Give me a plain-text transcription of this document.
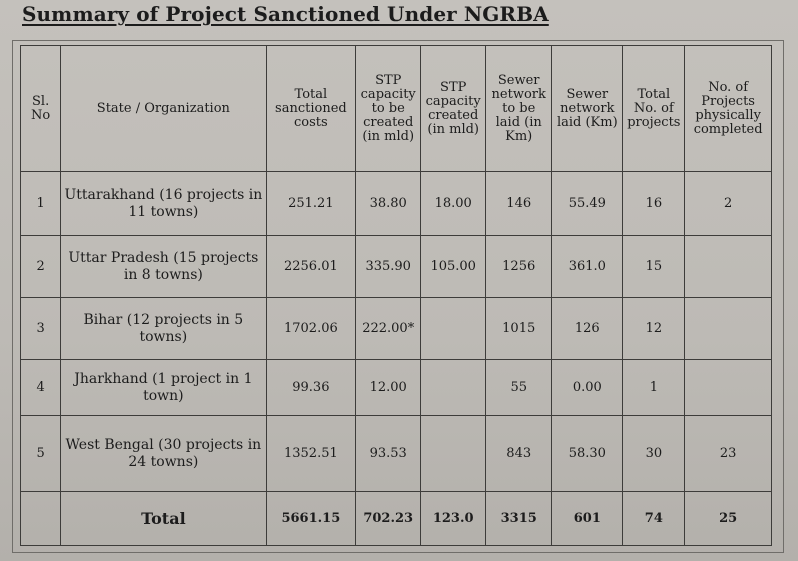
Summary of Project Sanctioned Under NGRBA
Sl. No	State / Organization	Total sanctioned costs	STP capacity to be created (in mld)	STP capacity created (in mld)	Sewer network to be laid (in Km)	Sewer network laid (Km)	Total No. of projects	No. of Projects physically completed
1	Uttarakhand (16 projects in 11 towns)	251.21	38.80	18.00	146	55.49	16	2
2	Uttar Pradesh (15 projects in 8 towns)	2256.01	335.90	105.00	1256	361.0	15	
3	Bihar (12 projects in 5 towns)	1702.06	222.00*		1015	126	12	
4	Jharkhand (1 project in 1 town)	99.36	12.00		55	0.00	1	
5	West Bengal (30 projects in 24 towns)	1352.51	93.53		843	58.30	30	23
	Total	5661.15	702.23	123.0	3315	601	74	25
